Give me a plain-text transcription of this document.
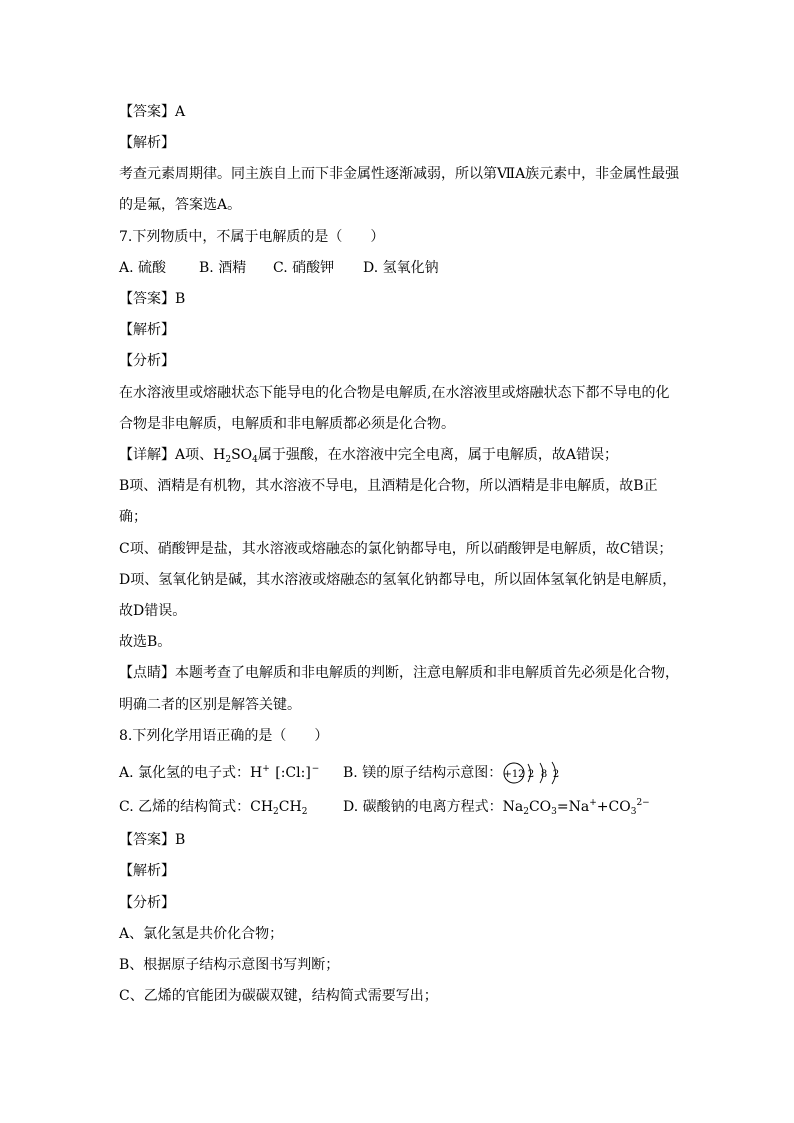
【答案】A
【解析】
考查元素周期律。同主族自上而下非金属性逐渐减弱，所以第ⅦA族元素中，非金属性最强
的是氟，答案选A。
7.下列物质中，不属于电解质的是（　　）
A. 硫酸 B. 酒精 C. 硝酸钾 D. 氢氧化钠
【答案】B
【解析】
【分析】
在水溶液里或熔融状态下能导电的化合物是电解质,在水溶液里或熔融状态下都不导电的化
合物是非电解质，电解质和非电解质都必须是化合物。
【详解】A项、$H_2SO_4$属于强酸，在水溶液中完全电离，属于电解质，故A错误；
B项、酒精是有机物，其水溶液不导电，且酒精是化合物，所以酒精是非电解质，故B正
确；
C项、硝酸钾是盐，其水溶液或熔融态的氯化钠都导电，所以硝酸钾是电解质，故C错误；
D项、氢氧化钠是碱，其水溶液或熔融态的氢氧化钠都导电，所以固体氢氧化钠是电解质，
故D错误。
故选B。
【点睛】本题考查了电解质和非电解质的判断，注意电解质和非电解质首先必须是化合物，
明确二者的区别是解答关键。
8.下列化学用语正确的是（　　）
A. 氯化氢的电子式：H+ [:Cl:]− B. 镁的原子结构示意图： +12 2 8 2
C. 乙烯的结构简式：$CH_2CH_2$	D. 碳酸钠的电离方程式：$Na_2CO_3=Na^++CO_3^{2-}$
【答案】B
【解析】
【分析】
A、氯化氢是共价化合物；
B、根据原子结构示意图书写判断；
C、乙烯的官能团为碳碳双键，结构简式需要写出；
